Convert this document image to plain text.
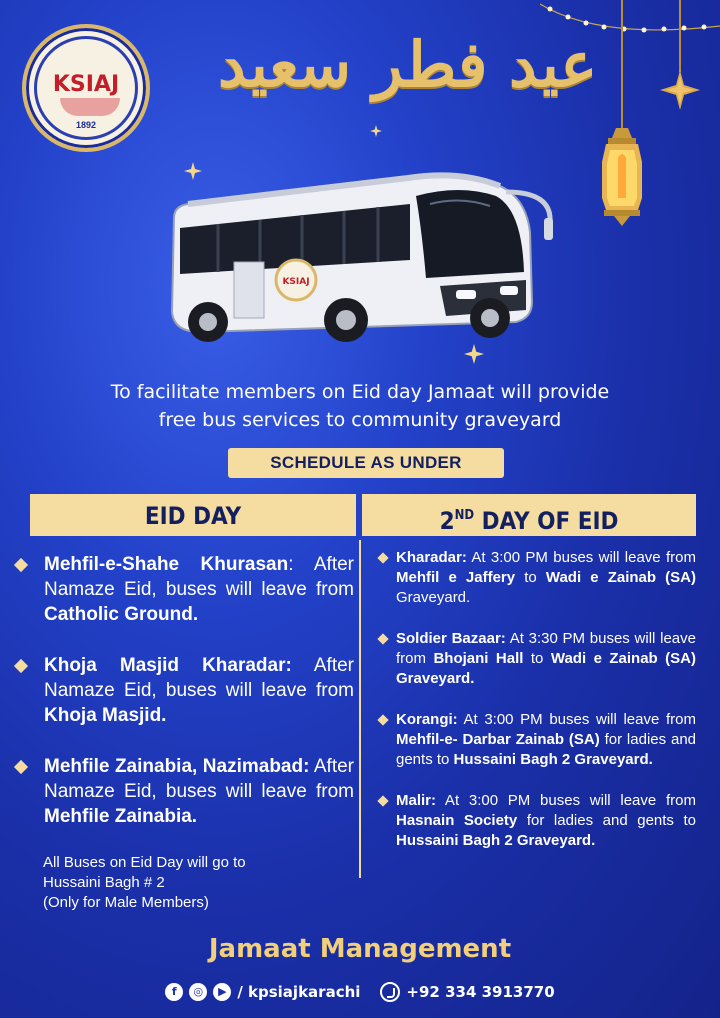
KSIAJ
1892
عيد فطر سعيد
KSIAJ
To facilitate members on Eid day Jamaat will provide
free bus services to community graveyard
SCHEDULE AS UNDER
EID DAY	2ND DAY OF EID
Mehfil-e-Shahe Khurasan: After Namaze Eid, buses will leave from Catholic Ground.
Khoja Masjid Kharadar: After Namaze Eid, buses will leave from Khoja Masjid.
Mehfile Zainabia, Nazimabad: After Namaze Eid, buses will leave from Mehfile Zainabia.
All Buses on Eid Day will go to
Hussaini Bagh # 2
(Only for Male Members)
Kharadar: At 3:00 PM buses will leave from Mehfil e Jaffery to Wadi e Zainab (SA) Graveyard.
Soldier Bazaar: At 3:30 PM buses will leave from Bhojani Hall to Wadi e Zainab (SA) Graveyard.
Korangi: At 3:00 PM buses will leave from Mehfil-e- Darbar Zainab (SA) for ladies and gents to Hussaini Bagh 2 Graveyard.
Malir: At 3:00 PM buses will leave from Hasnain Society for ladies and gents to Hussaini Bagh 2 Graveyard.
Jamaat Management
f	◎	▶ / kpsiajkarachi	+92 334 3913770
